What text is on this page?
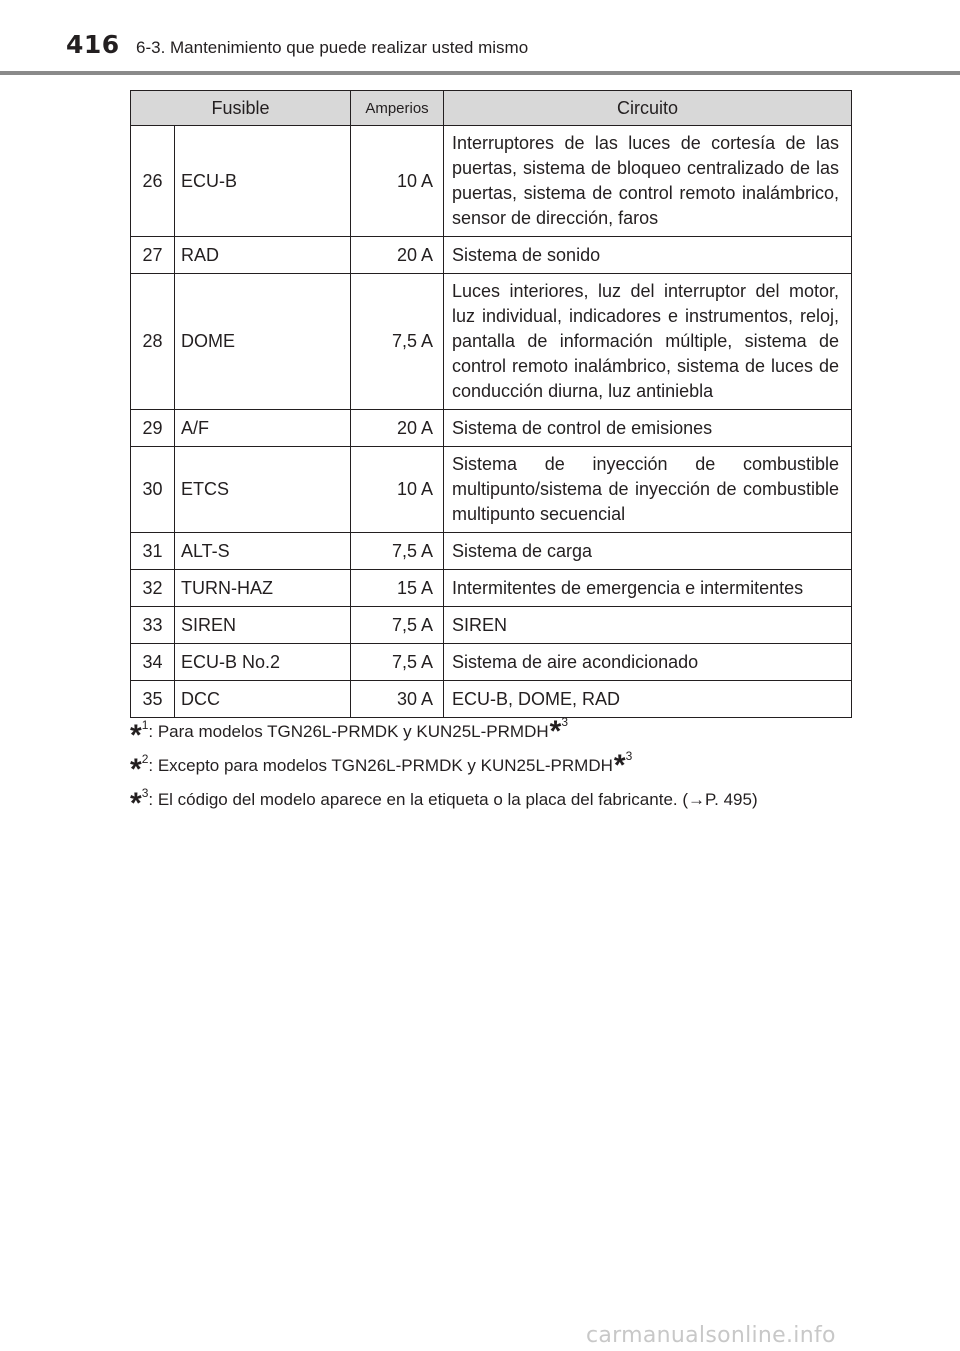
416 6-3. Mantenimiento que puede realizar usted mismo
Fusible		Amperios	Circuito
26	ECU-B	10 A	Interruptores de las luces de cortesía de las puertas, sistema de bloqueo centralizado de las puertas, sistema de control remoto inalámbrico, sensor de dirección, faros
27	RAD	20 A	Sistema de sonido
28	DOME	7,5 A	Luces interiores, luz del interruptor del motor, luz individual, indicadores e instrumentos, reloj, pantalla de información múltiple, sistema de control remoto inalámbrico, sistema de luces de conducción diurna, luz antiniebla
29	A/F	20 A	Sistema de control de emisiones
30	ETCS	10 A	Sistema de inyección de combustible multipunto/sistema de inyección de combustible multipunto secuencial
31	ALT-S	7,5 A	Sistema de carga
32	TURN-HAZ	15 A	Intermitentes de emergencia e intermitentes
33	SIREN	7,5 A	SIREN
34	ECU-B No.2	7,5 A	Sistema de aire acondicionado
35	DCC	30 A	ECU-B, DOME, RAD
*$^1$: Para modelos TGN26L-PRMDK y KUN25L-PRMDH*$^3$
*$^2$: Excepto para modelos TGN26L-PRMDK y KUN25L-PRMDH*$^3$
*$^3$: El código del modelo aparece en la etiqueta o la placa del fabricante. (→P. 495)
carmanualsonline.info
